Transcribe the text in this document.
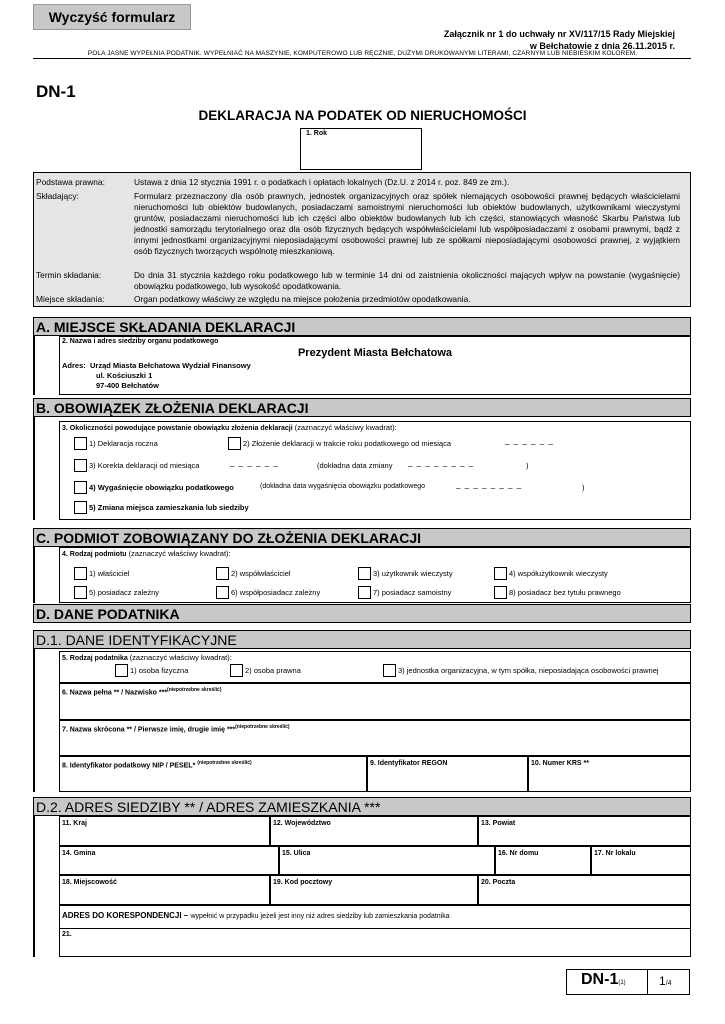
Wyczyść formularz
Załącznik nr 1 do uchwały nr XV/117/15 Rady Miejskiej
w Bełchatowie z dnia 26.11.2015 r.
POLA JASNE WYPEŁNIA PODATNIK. WYPEŁNIAĆ NA MASZYNIE, KOMPUTEROWO LUB RĘCZNIE, DUŻYMI DRUKOWANYMI LITERAMI, CZARNYM LUB NIEBIESKIM KOLOREM.
DN-1
DEKLARACJA NA PODATEK OD NIERUCHOMOŚCI
1. Rok
Podstawa prawna:	Ustawa z dnia 12 stycznia 1991 r. o podatkach i opłatach lokalnych (Dz.U. z 2014 r. poz. 849 ze zm.).
Składający:	Formularz przeznaczony dla osób prawnych, jednostek organizacyjnych oraz spółek niemających osobowości prawnej będących właścicielami nieruchomości lub obiektów budowlanych, posiadaczami samoistnymi nieruchomości lub obiektów budowlanych, użytkownikami wieczystymi gruntów, posiadaczami nieruchomości lub ich części albo obiektów budowlanych lub ich części, stanowiących własność Skarbu Państwa lub jednostki samorządu terytorialnego oraz dla osób fizycznych będących współwłaścicielami lub współposiadaczami z osobami prawnymi, bądź z innymi jednostkami organizacyjnymi nieposiadającymi osobowości prawnej lub ze spółkami nieposiadającymi osobowości prawnej, z wyjątkiem osób fizycznych tworzących wspólnotę mieszkaniową.
Termin składania:	Do dnia 31 stycznia każdego roku podatkowego lub w terminie 14 dni od zaistnienia okoliczności mających wpływ na powstanie (wygaśnięcie) obowiązku podatkowego, lub wysokość opodatkowania.
Miejsce składania:	Organ podatkowy właściwy ze względu na miejsce położenia przedmiotów opodatkowania.
A. MIEJSCE SKŁADANIA DEKLARACJI
2. Nazwa i adres siedziby organu podatkowego
Prezydent Miasta Bełchatowa
Adres: Urząd Miasta Bełchatowa Wydział Finansowy
ul. Kościuszki 1
97-400 Bełchatów
B. OBOWIĄZEK ZŁOŻENIA DEKLARACJI
3. Okoliczności powodujące powstanie obowiązku złożenia deklaracji (zaznaczyć właściwy kwadrat):
1) Deklaracja roczna	2) Złożenie deklaracji w trakcie roku podatkowego od miesiąca	_ _ _ _ _ _
3) Korekta deklaracji od miesiąca	_ _ _ _ _ _	(dokładna data zmiany _ _ _ _ _ _ _ _	)
4) Wygaśnięcie obowiązku podatkowego	(dokładna data wygaśnięcia obowiązku podatkowego	_ _ _ _ _ _ _ _	)
5) Zmiana miejsca zamieszkania lub siedziby
C. PODMIOT ZOBOWIĄZANY DO ZŁOŻENIA DEKLARACJI
4. Rodzaj podmiotu (zaznaczyć właściwy kwadrat):
1) właściciel	2) współwłaściciel	3) użytkownik wieczysty	4) współużytkownik wieczysty
5) posiadacz zależny	6) współposiadacz zależny	7) posiadacz samoistny	8) posiadacz bez tytułu prawnego
D. DANE PODATNIKA
D.1. DANE IDENTYFIKACYJNE
5. Rodzaj podatnika (zaznaczyć właściwy kwadrat):
1) osoba fizyczna	2) osoba prawna	3) jednostka organizacyjna, w tym spółka, nieposiadająca osobowości prawnej
6. Nazwa pełna ** / Nazwisko ***$^{(niepotrzebne skreślić)}$
7. Nazwa skrócona ** / Pierwsze imię, drugie imię ***$^{(niepotrzebne skreślić)}$
8. Identyfikator podatkowy NIP / PESEL* $^{(niepotrzebne skreślić)}$	9. Identyfikator REGON	10. Numer KRS **
D.2. ADRES SIEDZIBY ** / ADRES ZAMIESZKANIA ***
11. Kraj	12. Województwo	13. Powiat
14. Gmina	15. Ulica	16. Nr domu	17. Nr lokalu
18. Miejscowość	19. Kod pocztowy	20. Poczta
ADRES DO KORESPONDENCJI – wypełnić w przypadku jeżeli jest inny niż adres siedziby lub zamieszkania podatnika
21.
DN-1(1)	1/4
